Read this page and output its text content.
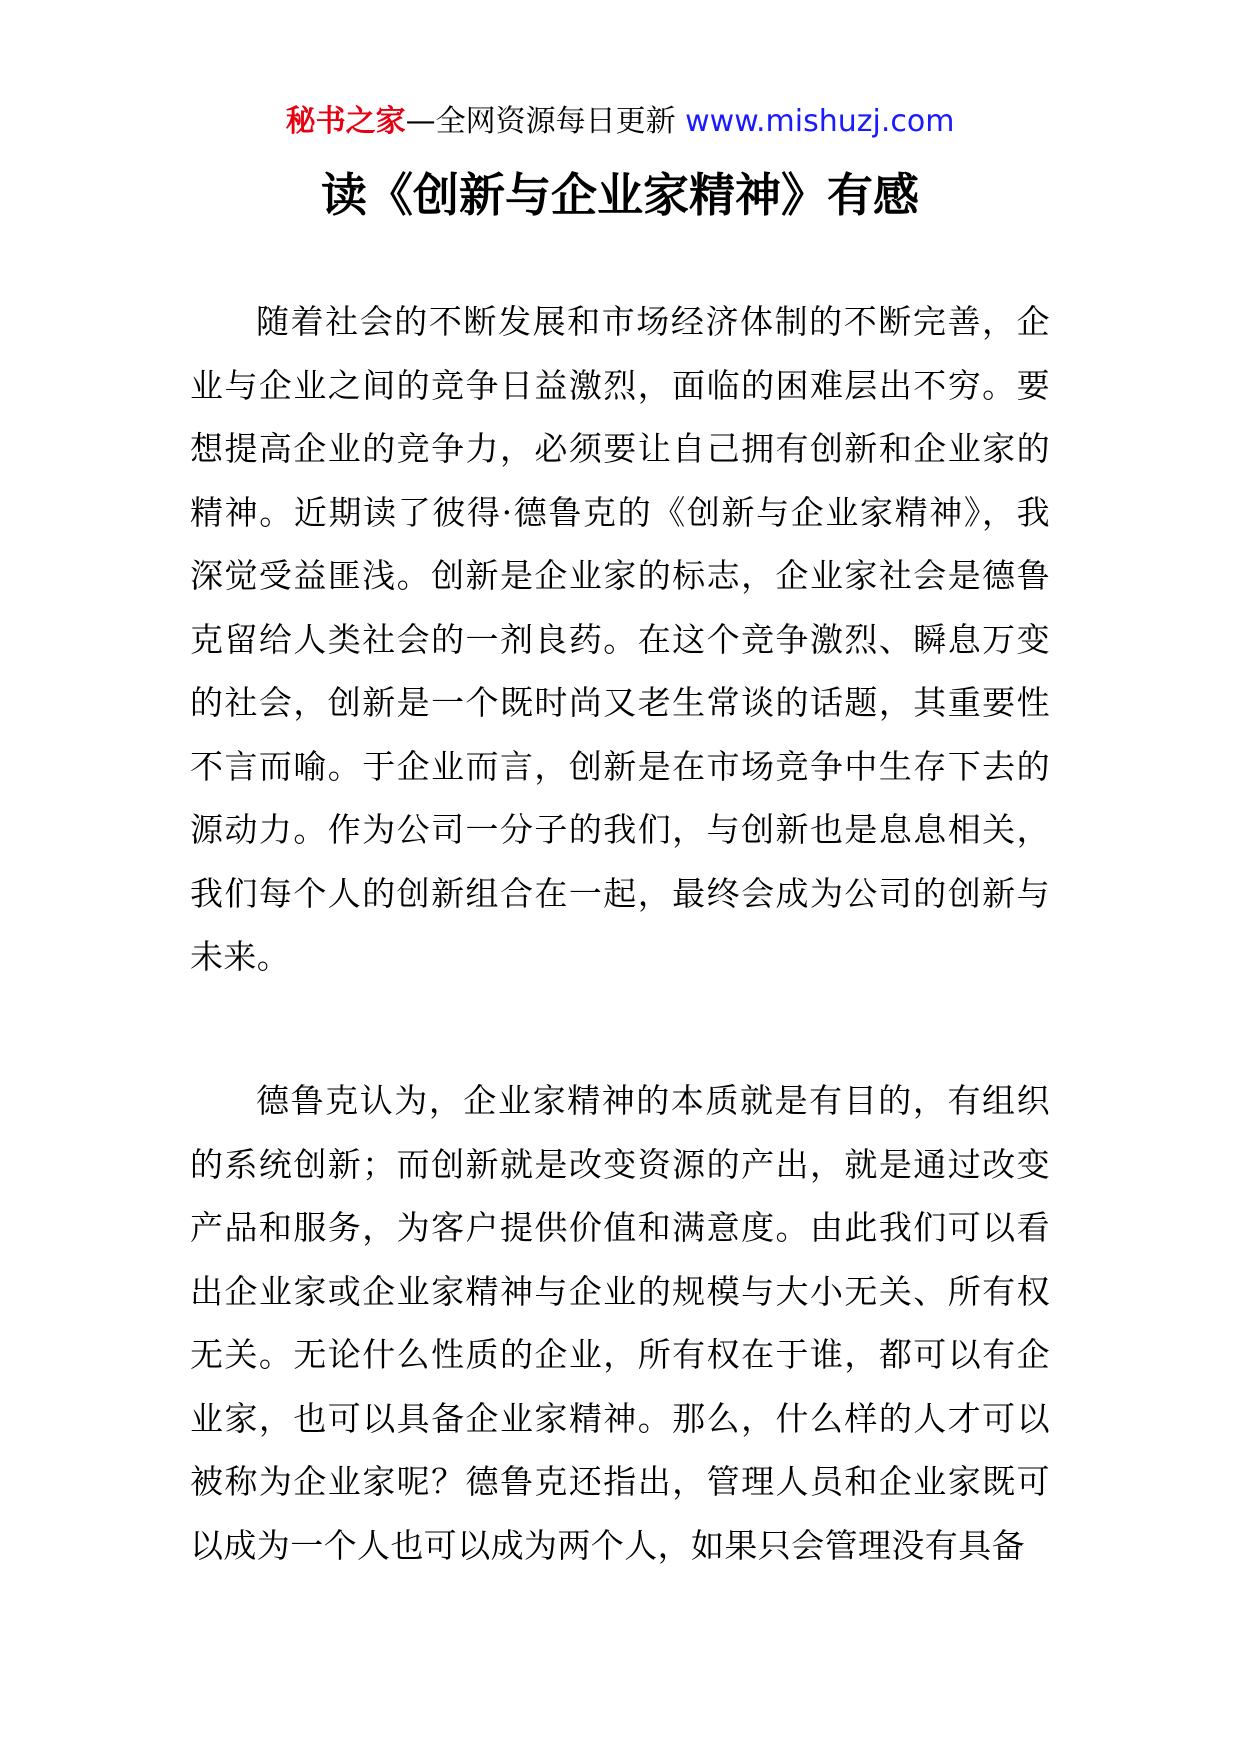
秘书之家—全网资源每日更新 www.mishuzj.com
读《创新与企业家精神》有感

随着社会的不断发展和市场经济体制的不断完善，企业与企业之间的竞争日益激烈，面临的困难层出不穷。要想提高企业的竞争力，必须要让自己拥有创新和企业家的精神。近期读了彼得·德鲁克的《创新与企业家精神》，我深觉受益匪浅。创新是企业家的标志，企业家社会是德鲁克留给人类社会的一剂良药。在这个竞争激烈、瞬息万变的社会，创新是一个既时尚又老生常谈的话题，其重要性不言而喻。于企业而言，创新是在市场竞争中生存下去的源动力。作为公司一分子的我们，与创新也是息息相关，我们每个人的创新组合在一起，最终会成为公司的创新与未来。

德鲁克认为，企业家精神的本质就是有目的，有组织的系统创新；而创新就是改变资源的产出，就是通过改变产品和服务，为客户提供价值和满意度。由此我们可以看出企业家或企业家精神与企业的规模与大小无关、所有权无关。无论什么性质的企业，所有权在于谁，都可以有企业家，也可以具备企业家精神。那么，什么样的人才可以被称为企业家呢？德鲁克还指出，管理人员和企业家既可以成为一个人也可以成为两个人，如果只会管理没有具备
